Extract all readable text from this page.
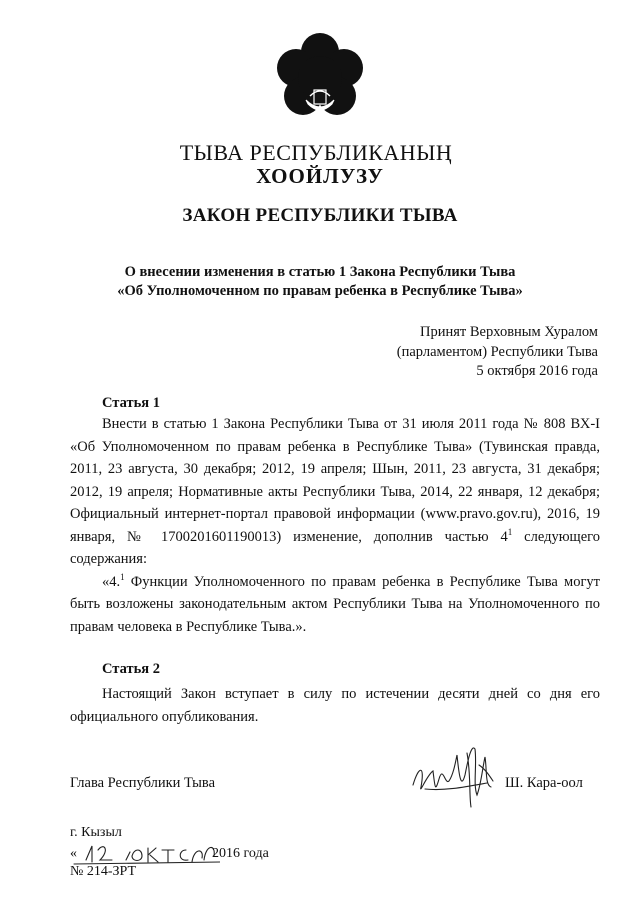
ТЫВА РЕСПУБЛИКАНЫҢ
ХООЙЛУЗУ
ЗАКОН РЕСПУБЛИКИ ТЫВА
О внесении изменения в статью 1 Закона Республики Тыва
«Об Уполномоченном по правам ребенка в Республике Тыва»
Принят Верховным Хуралом
(парламентом) Республики Тыва
5 октября 2016 года
Статья 1

Внести в статью 1 Закона Республики Тыва от 31 июля 2011 года № 808 ВХ-I «Об Уполномоченном по правам ребенка в Республике Тыва» (Тувинская правда, 2011, 23 августа, 30 декабря; 2012, 19 апреля; Шын, 2011, 23 августа, 31 декабря; 2012, 19 апреля; Нормативные акты Республики Тыва, 2014, 22 января, 12 декабря; Официальный интернет-портал правовой информации (www.pravo.gov.ru), 2016, 19 января, № 1700201601190013) изменение, дополнив частью $4^1$ следующего содержания:

«4.$^1$ Функции Уполномоченного по правам ребенка в Республике Тыва могут быть возложены законодательным актом Республики Тыва на Уполномоченного по правам человека в Республике Тыва.».

Статья 2

Настоящий Закон вступает в силу по истечении десяти дней со дня его официального опубликования.

Глава Республики Тыва	Ш. Кара-оол
г. Кызыл
«	2016 года
№ 214-ЗРТ
